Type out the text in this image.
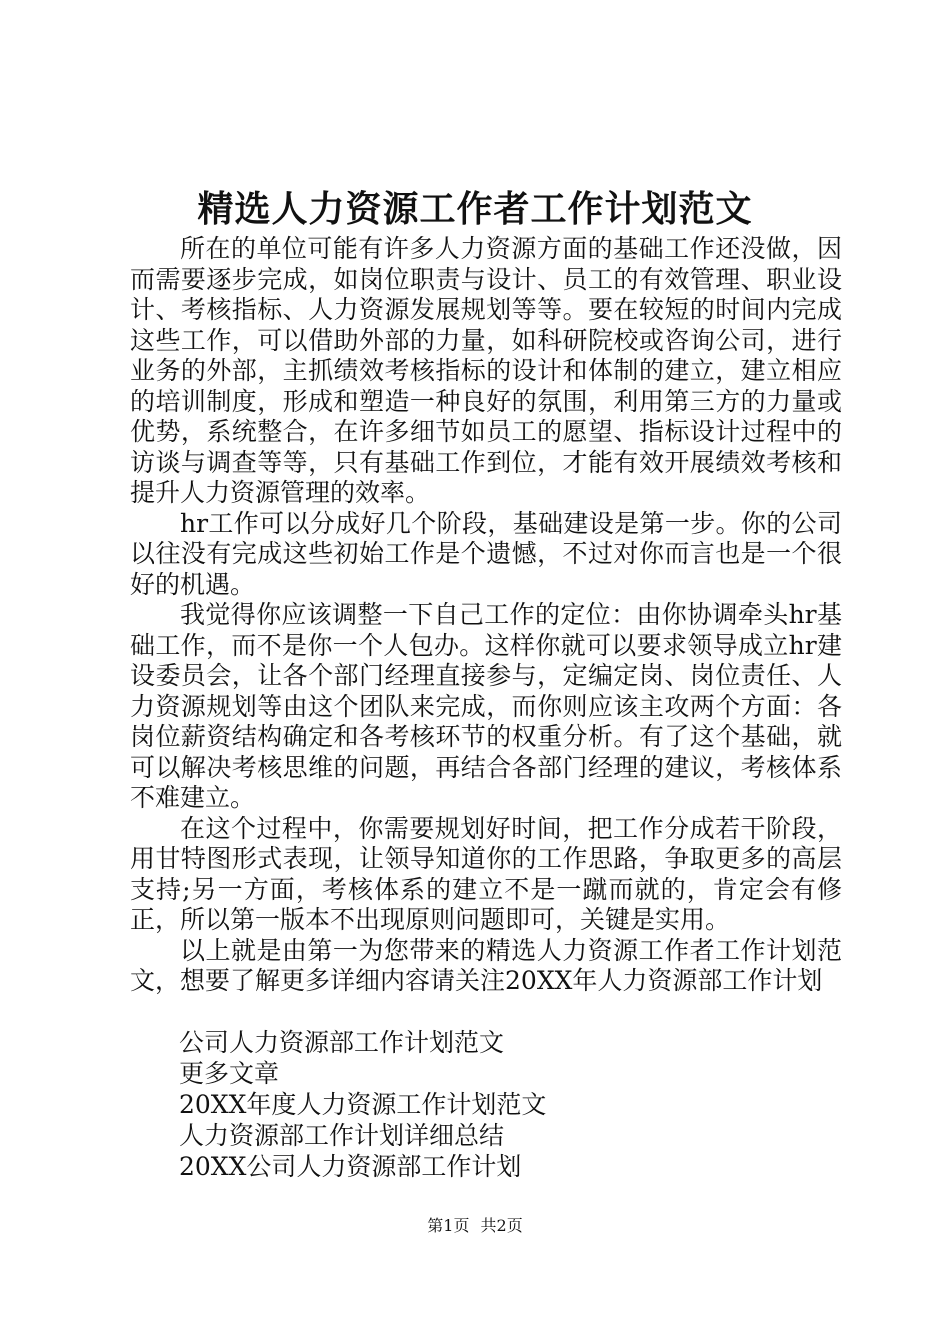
精选人力资源工作者工作计划范文

所在的单位可能有许多人力资源方面的基础工作还没做，因而需要逐步完成，如岗位职责与设计、员工的有效管理、职业设计、考核指标、人力资源发展规划等等。要在较短的时间内完成这些工作，可以借助外部的力量，如科研院校或咨询公司，进行业务的外部，主抓绩效考核指标的设计和体制的建立，建立相应的培训制度，形成和塑造一种良好的氛围，利用第三方的力量或优势，系统整合，在许多细节如员工的愿望、指标设计过程中的访谈与调查等等，只有基础工作到位，才能有效开展绩效考核和提升人力资源管理的效率。

hr工作可以分成好几个阶段，基础建设是第一步。你的公司以往没有完成这些初始工作是个遗憾，不过对你而言也是一个很好的机遇。

我觉得你应该调整一下自己工作的定位：由你协调牵头hr基础工作，而不是你一个人包办。这样你就可以要求领导成立hr建设委员会，让各个部门经理直接参与，定编定岗、岗位责任、人力资源规划等由这个团队来完成，而你则应该主攻两个方面：各岗位薪资结构确定和各考核环节的权重分析。有了这个基础，就可以解决考核思维的问题，再结合各部门经理的建议，考核体系不难建立。

在这个过程中，你需要规划好时间，把工作分成若干阶段，用甘特图形式表现，让领导知道你的工作思路，争取更多的高层支持;另一方面，考核体系的建立不是一蹴而就的，肯定会有修正，所以第一版本不出现原则问题即可，关键是实用。

以上就是由第一为您带来的精选人力资源工作者工作计划范文，想要了解更多详细内容请关注20XX年人力资源部工作计划

公司人力资源部工作计划范文
更多文章
20XX年度人力资源工作计划范文
人力资源部工作计划详细总结
20XX公司人力资源部工作计划
第1页 共2页
